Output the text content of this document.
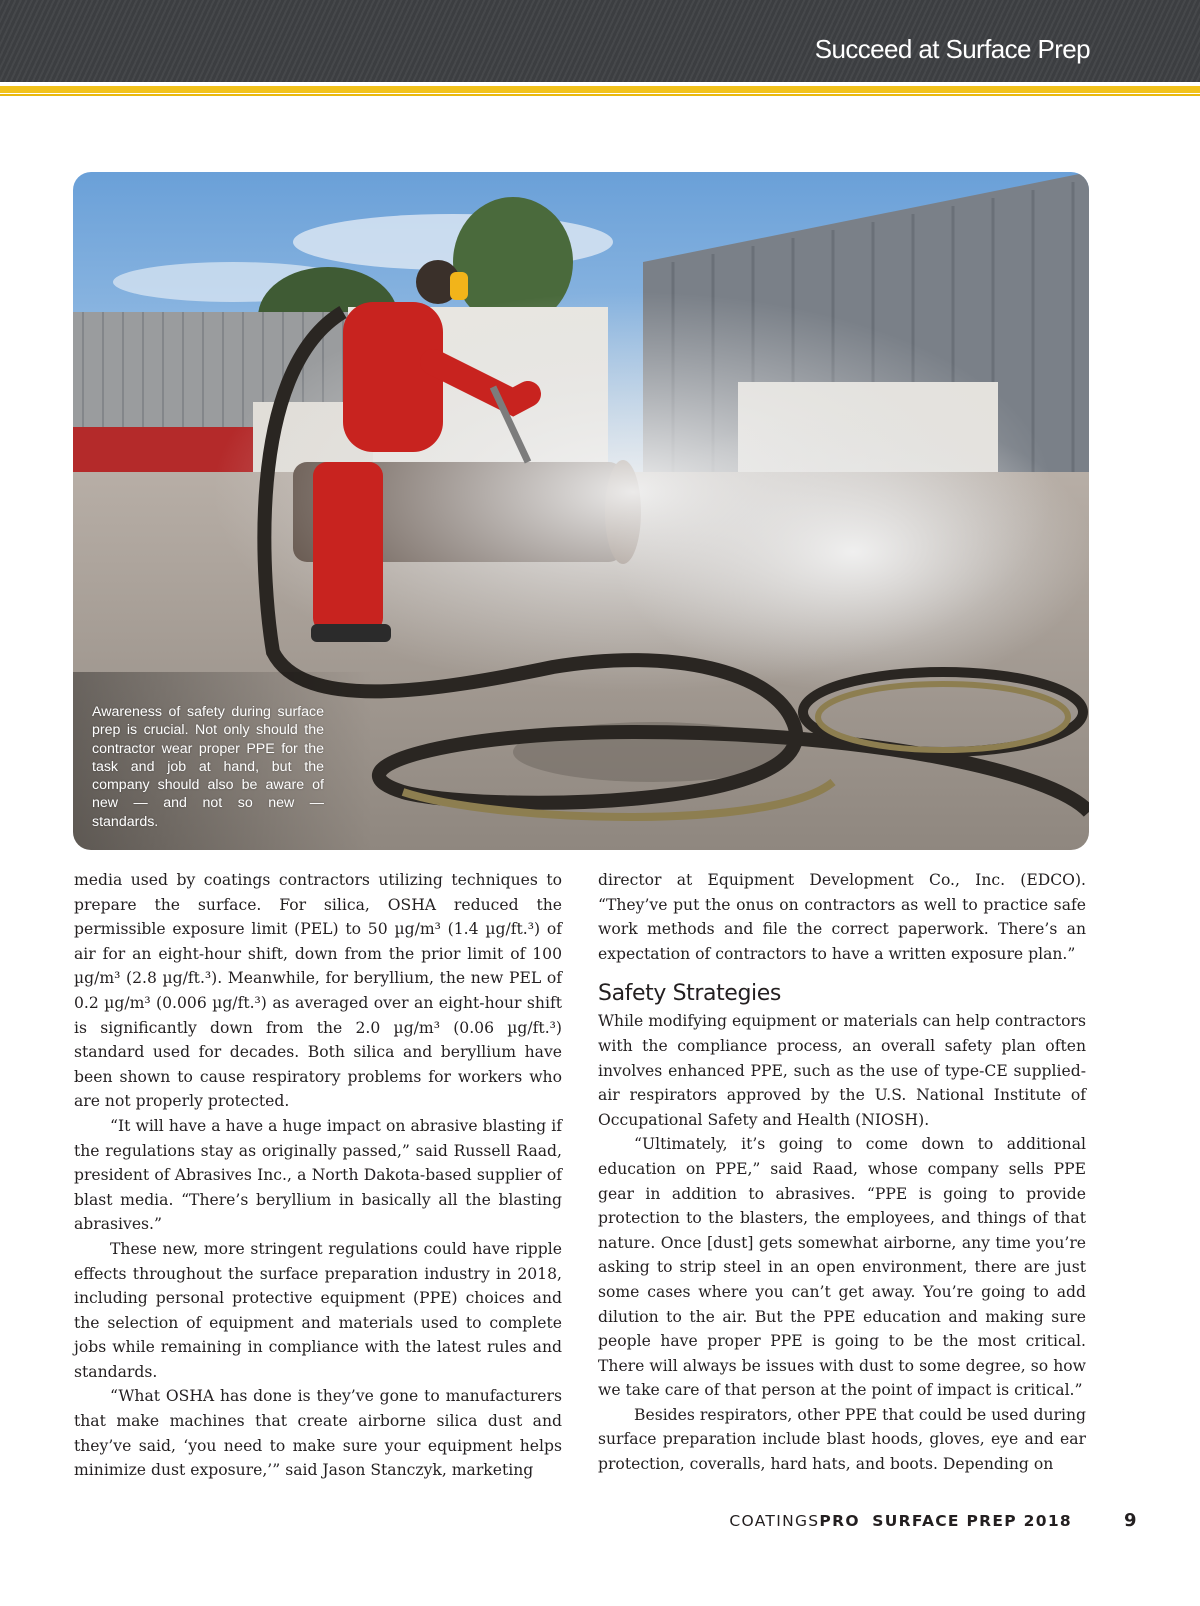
Succeed at Surface Prep
Awareness of safety during surface prep is crucial. Not only should the contractor wear proper PPE for the task and job at hand, but the company should also be aware of new — and not so new — standards.

media used by coatings contractors utilizing techniques to prepare the surface. For silica, OSHA reduced the permissible exposure limit (PEL) to 50 µg/m³ (1.4 µg/ft.³) of air for an eight-hour shift, down from the prior limit of 100 µg/m³ (2.8 µg/ft.³). Meanwhile, for beryllium, the new PEL of 0.2 µg/m³ (0.006 µg/ft.³) as averaged over an eight-hour shift is significantly down from the 2.0 µg/m³ (0.06 µg/ft.³) standard used for decades. Both silica and beryllium have been shown to cause respiratory problems for workers who are not properly protected.

“It will have a have a huge impact on abrasive blasting if the regulations stay as originally passed,” said Russell Raad, president of Abrasives Inc., a North Dakota-based supplier of blast media. “There’s beryllium in basically all the blasting abrasives.”

These new, more stringent regulations could have ripple effects throughout the surface preparation industry in 2018, including personal protective equipment (PPE) choices and the selection of equipment and materials used to complete jobs while remaining in compliance with the latest rules and standards.

“What OSHA has done is they’ve gone to manufacturers that make machines that create airborne silica dust and they’ve said, ‘you need to make sure your equipment helps minimize dust exposure,’” said Jason Stanczyk, marketing

director at Equipment Development Co., Inc. (EDCO). “They’ve put the onus on contractors as well to practice safe work methods and file the correct paperwork. There’s an expectation of contractors to have a written exposure plan.”

Safety Strategies

While modifying equipment or materials can help contractors with the compliance process, an overall safety plan often involves enhanced PPE, such as the use of type-CE supplied-air respirators approved by the U.S. National Institute of Occupational Safety and Health (NIOSH).

“Ultimately, it’s going to come down to additional education on PPE,” said Raad, whose company sells PPE gear in addition to abrasives. “PPE is going to provide protection to the blasters, the employees, and things of that nature. Once [dust] gets somewhat airborne, any time you’re asking to strip steel in an open environment, there are just some cases where you can’t get away. You’re going to add dilution to the air. But the PPE education and making sure people have proper PPE is going to be the most critical. There will always be issues with dust to some degree, so how we take care of that person at the point of impact is critical.”

Besides respirators, other PPE that could be used during surface preparation include blast hoods, gloves, eye and ear protection, coveralls, hard hats, and boots. Depending on

COATINGSPRO SURFACE PREP 2018	9
